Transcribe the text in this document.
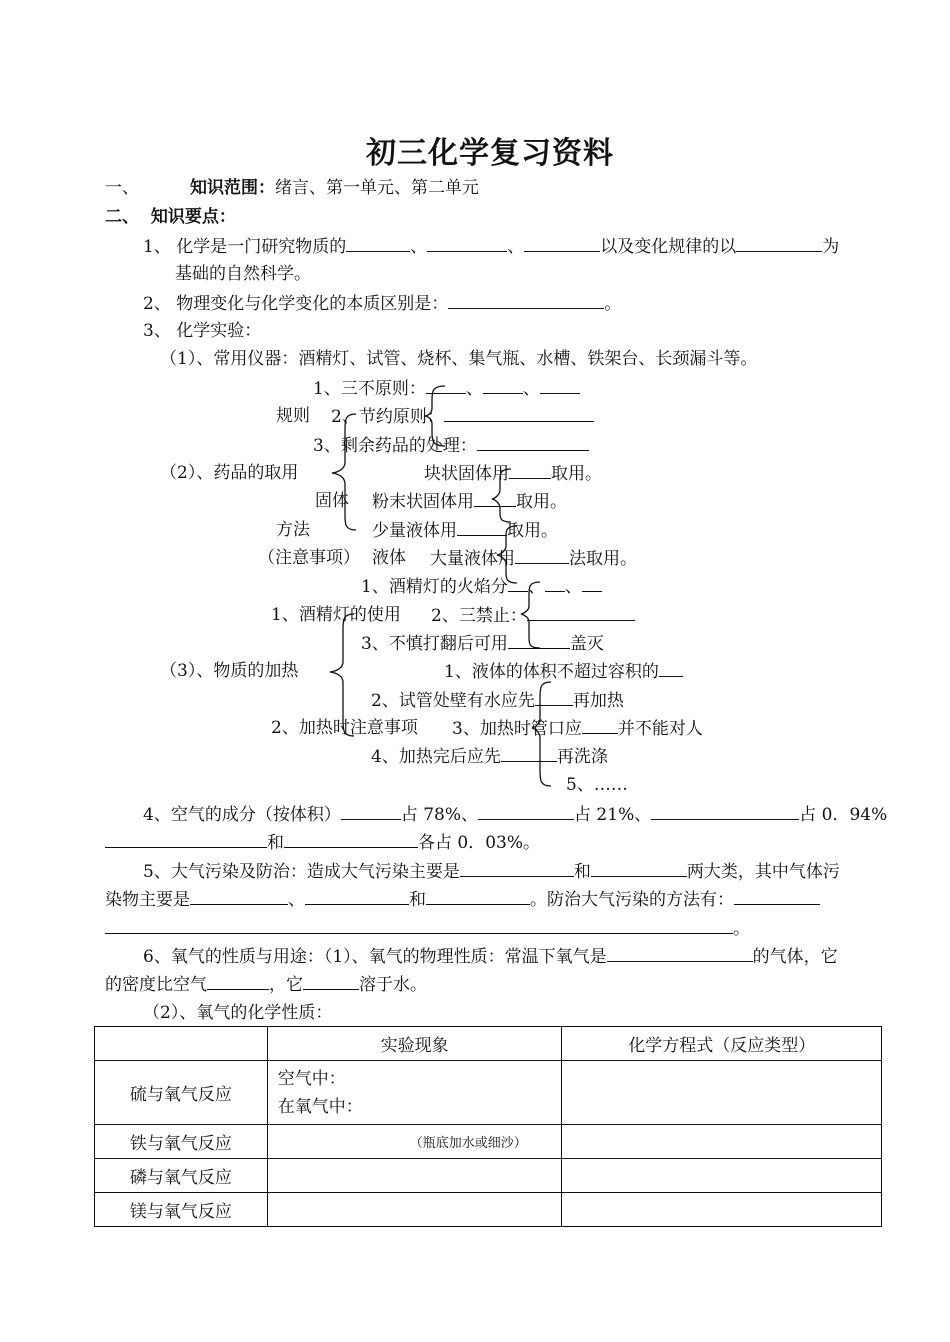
初三化学复习资料
一、	知识范围：绪言、第一单元、第二单元
二、 知识要点：
1、 化学是一门研究物质的	、	、	以及变化规律的以	为
基础的自然科学。
2、 物理变化与化学变化的本质区别是：	。
3、 化学实验：
（1）、常用仪器：酒精灯、试管、烧杯、集气瓶、水槽、铁架台、长颈漏斗等。
1、三不原则： 、 、
规则 2、节约原则：
3、剩余药品的处理：
（2）、药品的取用	块状固体用 取用。
固体 粉末状固体用 取用。
方法	少量液体用	取用。
（注意事项） 液体 大量液体用	法取用。
1、酒精灯的火焰分 、 、
1、酒精灯的使用 2、三禁止：
3、不慎打翻后可用	盖灭
（3）、物质的加热	1、液体的体积不超过容积的
2、试管处壁有水应先 再加热
2、加热时注意事项 3、加热时管口应 并不能对人
4、加热完后应先	再洗涤
5、……
4、空气的成分（按体积）	占 78%、	占 21%、	占 0．94%
和	各占 0．03%。
5、大气污染及防治：造成大气污染主要是	和	两大类，其中气体污
染物主要是	、	和	。防治大气污染的方法有：
。
6、氧气的性质与用途：（1）、氧气的物理性质：常温下氧气是	的气体，它
的密度比空气	，它	溶于水。
（2）、氧气的化学性质：
	实验现象	化学方程式（反应类型）
硫与氧气反应	空气中：
在氧气中：	

铁与氧气反应	（瓶底加水或细沙）	

磷与氧气反应		
镁与氧气反应		
